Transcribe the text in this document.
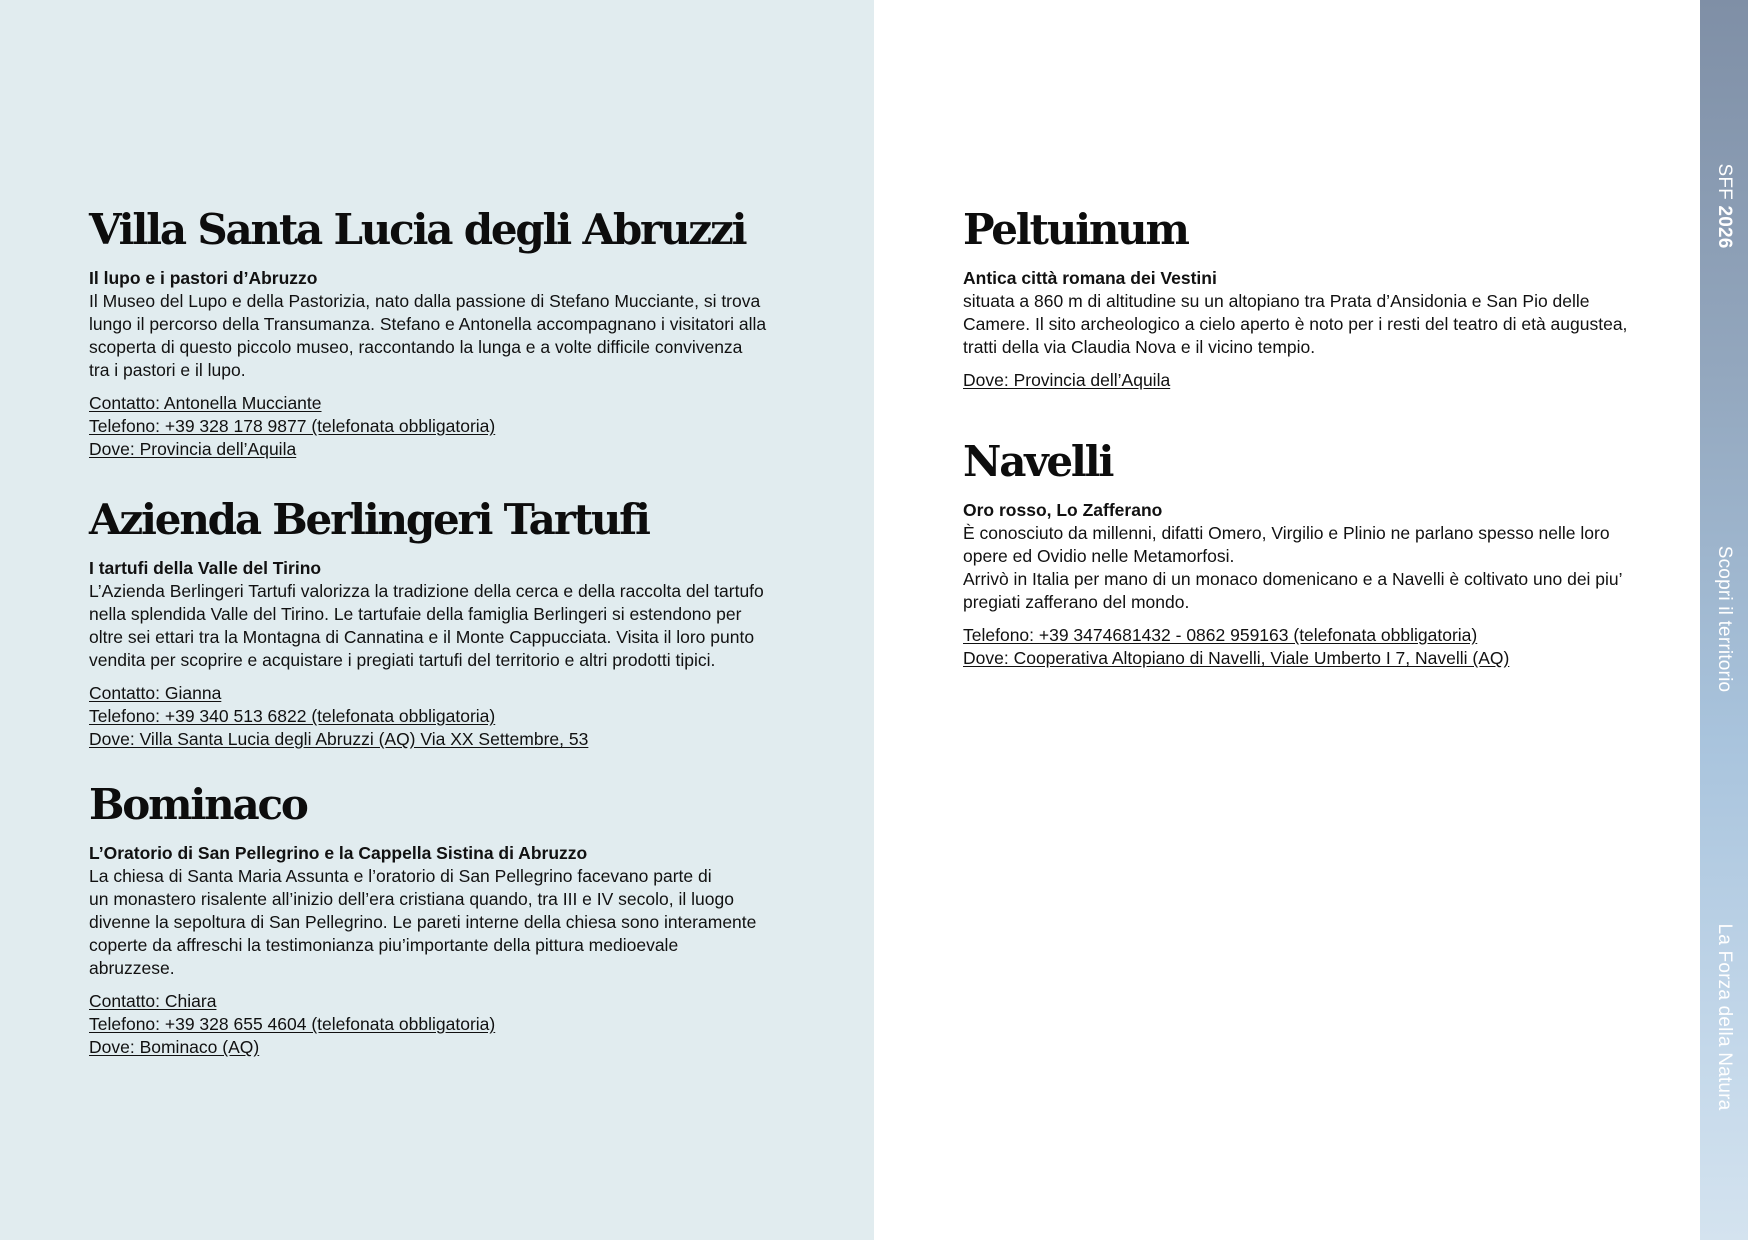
SFF 2026
Scopri il territorio
La Forza della Natura
Villa Santa Lucia degli Abruzzi
Il lupo e i pastori d’Abruzzo
Il Museo del Lupo e della Pastorizia, nato dalla passione di Stefano Mucciante, si trova
lungo il percorso della Transumanza. Stefano e Antonella accompagnano i visitatori alla
scoperta di questo piccolo museo, raccontando la lunga e a volte difficile convivenza
tra i pastori e il lupo.
Contatto: Antonella Mucciante
Telefono: +39 328 178 9877 (telefonata obbligatoria)
Dove: Provincia dell’Aquila
Azienda Berlingeri Tartufi
I tartufi della Valle del Tirino
L’Azienda Berlingeri Tartufi valorizza la tradizione della cerca e della raccolta del tartufo
nella splendida Valle del Tirino. Le tartufaie della famiglia Berlingeri si estendono per
oltre sei ettari tra la Montagna di Cannatina e il Monte Cappucciata. Visita il loro punto
vendita per scoprire e acquistare i pregiati tartufi del territorio e altri prodotti tipici.
Contatto: Gianna
Telefono: +39 340 513 6822 (telefonata obbligatoria)
Dove: Villa Santa Lucia degli Abruzzi (AQ) Via XX Settembre, 53
Bominaco
L’Oratorio di San Pellegrino e la Cappella Sistina di Abruzzo
La chiesa di Santa Maria Assunta e l’oratorio di San Pellegrino facevano parte di
un monastero risalente all’inizio dell’era cristiana quando, tra III e IV secolo, il luogo
divenne la sepoltura di San Pellegrino. Le pareti interne della chiesa sono interamente
coperte da affreschi la testimonianza piu’importante della pittura medioevale
abruzzese.
Contatto: Chiara
Telefono: +39 328 655 4604 (telefonata obbligatoria)
Dove: Bominaco (AQ)
Peltuinum
Antica città romana dei Vestini
situata a 860 m di altitudine su un altopiano tra Prata d’Ansidonia e San Pio delle
Camere. Il sito archeologico a cielo aperto è noto per i resti del teatro di età augustea,
tratti della via Claudia Nova e il vicino tempio.
Dove: Provincia dell’Aquila
Navelli
Oro rosso, Lo Zafferano
È conosciuto da millenni, difatti Omero, Virgilio e Plinio ne parlano spesso nelle loro
opere ed Ovidio nelle Metamorfosi.
Arrivò in Italia per mano di un monaco domenicano e a Navelli è coltivato uno dei piu’
pregiati zafferano del mondo.
Telefono: +39 3474681432 - 0862 959163 (telefonata obbligatoria)
Dove: Cooperativa Altopiano di Navelli, Viale Umberto I 7, Navelli (AQ)
